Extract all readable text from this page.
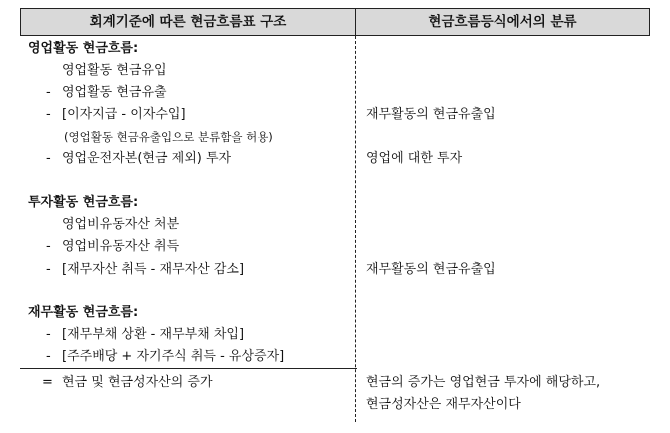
회계기준에 따른 현금흐름표 구조	현금흐름등식에서의 분류
영업활동 현금흐름:
영업활동 현금유입
- 영업활동 현금유출
- [이자지급 - 이자수입]
(영업활동 현금유출입으로 분류함을 허용)
- 영업운전자본(현금 제외) 투자
투자활동 현금흐름:
영업비유동자산 처분
- 영업비유동자산 취득
- [재무자산 취득 - 재무자산 감소]
재무활동 현금흐름:
- [재무부채 상환 - 재무부채 차입]
- [주주배당 + 자기주식 취득 - 유상증자]
= 현금 및 현금성자산의 증가
재무활동의 현금유출입
영업에 대한 투자
재무활동의 현금유출입
현금의 증가는 영업현금 투자에 해당하고,
현금성자산은 재무자산이다
